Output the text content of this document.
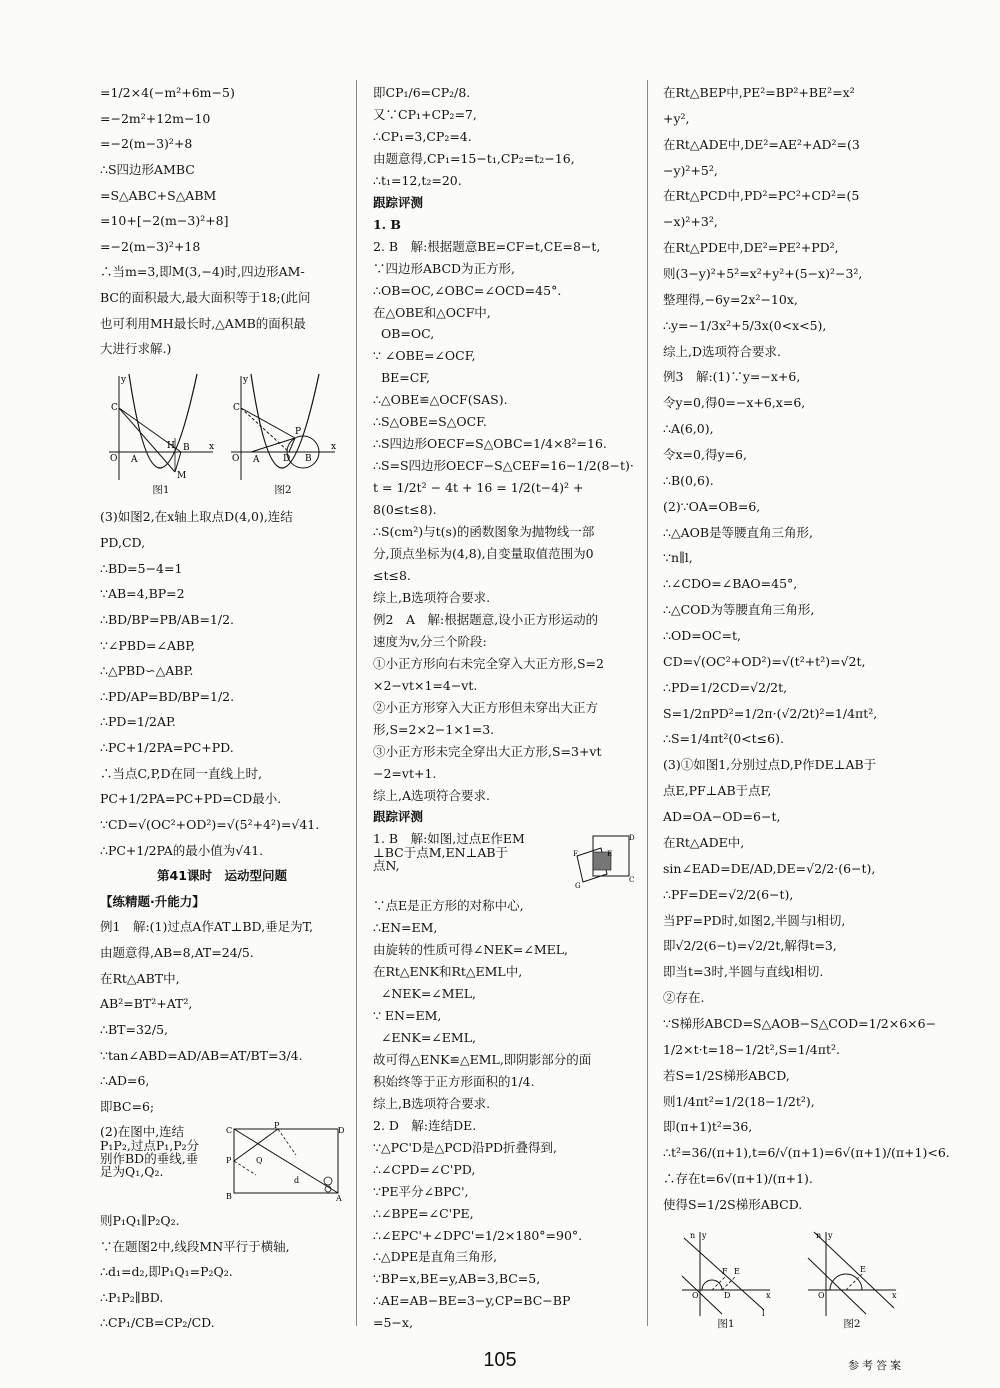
=1/2×4(−m²+6m−5)
=−2m²+12m−10
=−2(m−3)²+8
∴S四边形AMBC
=S△ABC+S△ABM
=10+[−2(m−3)²+8]
=−2(m−3)²+18
∴当m=3,即M(3,−4)时,四边形AM-
BC的面积最大,最大面积等于18;(此问
也可利用MH最长时,△AMB的面积最
大进行求解.)
y
x
O
C
A
B
H
M
图1
y
x
O
C
A
P
D B
图2
(3)如图2,在x轴上取点D(4,0),连结
PD,CD,
∴BD=5−4=1
∵AB=4,BP=2
∴BD/BP=PB/AB=1/2.
∵∠PBD=∠ABP,
∴△PBD∽△ABP.
∴PD/AP=BD/BP=1/2.
∴PD=1/2AP.
∴PC+1/2PA=PC+PD.
∴当点C,P,D在同一直线上时,
PC+1/2PA=PC+PD=CD最小.
∵CD=√(OC²+OD²)=√(5²+4²)=√41.
∴PC+1/2PA的最小值为√41.
第41课时　运动型问题
【练精题·升能力】
例1　解:(1)过点A作AT⊥BD,垂足为T,
由题意得,AB=8,AT=24/5.
在Rt△ABT中,
AB²=BT²+AT²,
∴BT=32/5,
∵tan∠ABD=AD/AB=AT/BT=3/4.
∴AD=6,
即BC=6;
(2)在图中,连结
P₁P₂,过点P₁,P₂分
别作BD的垂线,垂
足为Q₁,Q₂.
C	D
B	A
P
P	Q
d
则P₁Q₁∥P₂Q₂.
∵在题图2中,线段MN平行于横轴,
∴d₁=d₂,即P₁Q₁=P₂Q₂.
∴P₁P₂∥BD.
∴CP₁/CB=CP₂/CD.
即CP₁/6=CP₂/8.
又∵CP₁+CP₂=7,
∴CP₁=3,CP₂=4.
由题意得,CP₁=15−t₁,CP₂=t₂−16,
∴t₁=12,t₂=20.
跟踪评测
1. B
2. B　解:根据题意BE=CF=t,CE=8−t,
∵四边形ABCD为正方形,
∴OB=OC,∠OBC=∠OCD=45°.
在△OBE和△OCF中,
OB=OC,
∵ ∠OBE=∠OCF,
BE=CF,
∴△OBE≌△OCF(SAS).
∴S△OBE=S△OCF.
∴S四边形OECF=S△OBC=1/4×8²=16.
∴S=S四边形OECF−S△CEF=16−1/2(8−t)·
t = 1/2t² − 4t + 16 = 1/2(t−4)² +
8(0≤t≤8).
∴S(cm²)与t(s)的函数图象为抛物线一部
分,顶点坐标为(4,8),自变量取值范围为0
≤t≤8.
综上,B选项符合要求.
例2　A　解:根据题意,设小正方形运动的
速度为v,分三个阶段:
①小正方形向右未完全穿入大正方形,S=2
×2−vt×1=4−vt.
②小正方形穿入大正方形但未穿出大正方
形,S=2×2−1×1=3.
③小正方形未完全穿出大正方形,S=3+vt
−2=vt+1.
综上,A选项符合要求.
跟踪评测
1. B　解:如图,过点E作EM
⊥BC于点M,EN⊥AB于
点N,
D
F
G
E
C
∵点E是正方形的对称中心,
∴EN=EM,
由旋转的性质可得∠NEK=∠MEL,
在Rt△ENK和Rt△EML中,
∠NEK=∠MEL,
∵ EN=EM,
∠ENK=∠EML,
故可得△ENK≌△EML,即阴影部分的面
积始终等于正方形面积的1/4.
综上,B选项符合要求.
2. D　解:连结DE.
∵△PC'D是△PCD沿PD折叠得到,
∴∠CPD=∠C'PD,
∵PE平分∠BPC',
∴∠BPE=∠C'PE,
∴∠EPC'+∠DPC'=1/2×180°=90°.
∴△DPE是直角三角形,
∵BP=x,BE=y,AB=3,BC=5,
∴AE=AB−BE=3−y,CP=BC−BP
=5−x,
在Rt△BEP中,PE²=BP²+BE²=x²
+y²,
在Rt△ADE中,DE²=AE²+AD²=(3
−y)²+5²,
在Rt△PCD中,PD²=PC²+CD²=(5
−x)²+3²,
在Rt△PDE中,DE²=PE²+PD²,
则(3−y)²+5²=x²+y²+(5−x)²−3²,
整理得,−6y=2x²−10x,
∴y=−1/3x²+5/3x(0<x<5),
综上,D选项符合要求.
例3　解:(1)∵y=−x+6,
令y=0,得0=−x+6,x=6,
∴A(6,0),
令x=0,得y=6,
∴B(0,6).
(2)∵OA=OB=6,
∴△AOB是等腰直角三角形,
∵n∥l,
∴∠CDO=∠BAO=45°,
∴△COD为等腰直角三角形,
∴OD=OC=t,
CD=√(OC²+OD²)=√(t²+t²)=√2t,
∴PD=1/2CD=√2/2t,
S=1/2πPD²=1/2π·(√2/2t)²=1/4πt²,
∴S=1/4πt²(0<t≤6).
(3)①如图1,分别过点D,P作DE⊥AB于
点E,PF⊥AB于点F,
AD=OA−OD=6−t,
在Rt△ADE中,
sin∠EAD=DE/AD,DE=√2/2·(6−t),
∴PF=DE=√2/2(6−t),
当PF=PD时,如图2,半圆与l相切,
即√2/2(6−t)=√2/2t,解得t=3,
即当t=3时,半圆与直线l相切.
②存在.
∵S梯形ABCD=S△AOB−S△COD=1/2×6×6−
1/2×t·t=18−1/2t²,S=1/4πt².
若S=1/2S梯形ABCD,
则1/4πt²=1/2(18−1/2t²),
即(π+1)t²=36,
∴t²=36/(π+1),t=6/√(π+1)=6√(π+1)/(π+1)<6.
∴存在t=6√(π+1)/(π+1).
使得S=1/2S梯形ABCD.
n y
E
F
O	D	x
l
图1
n y
E
O	x
图2
105	参考答案
